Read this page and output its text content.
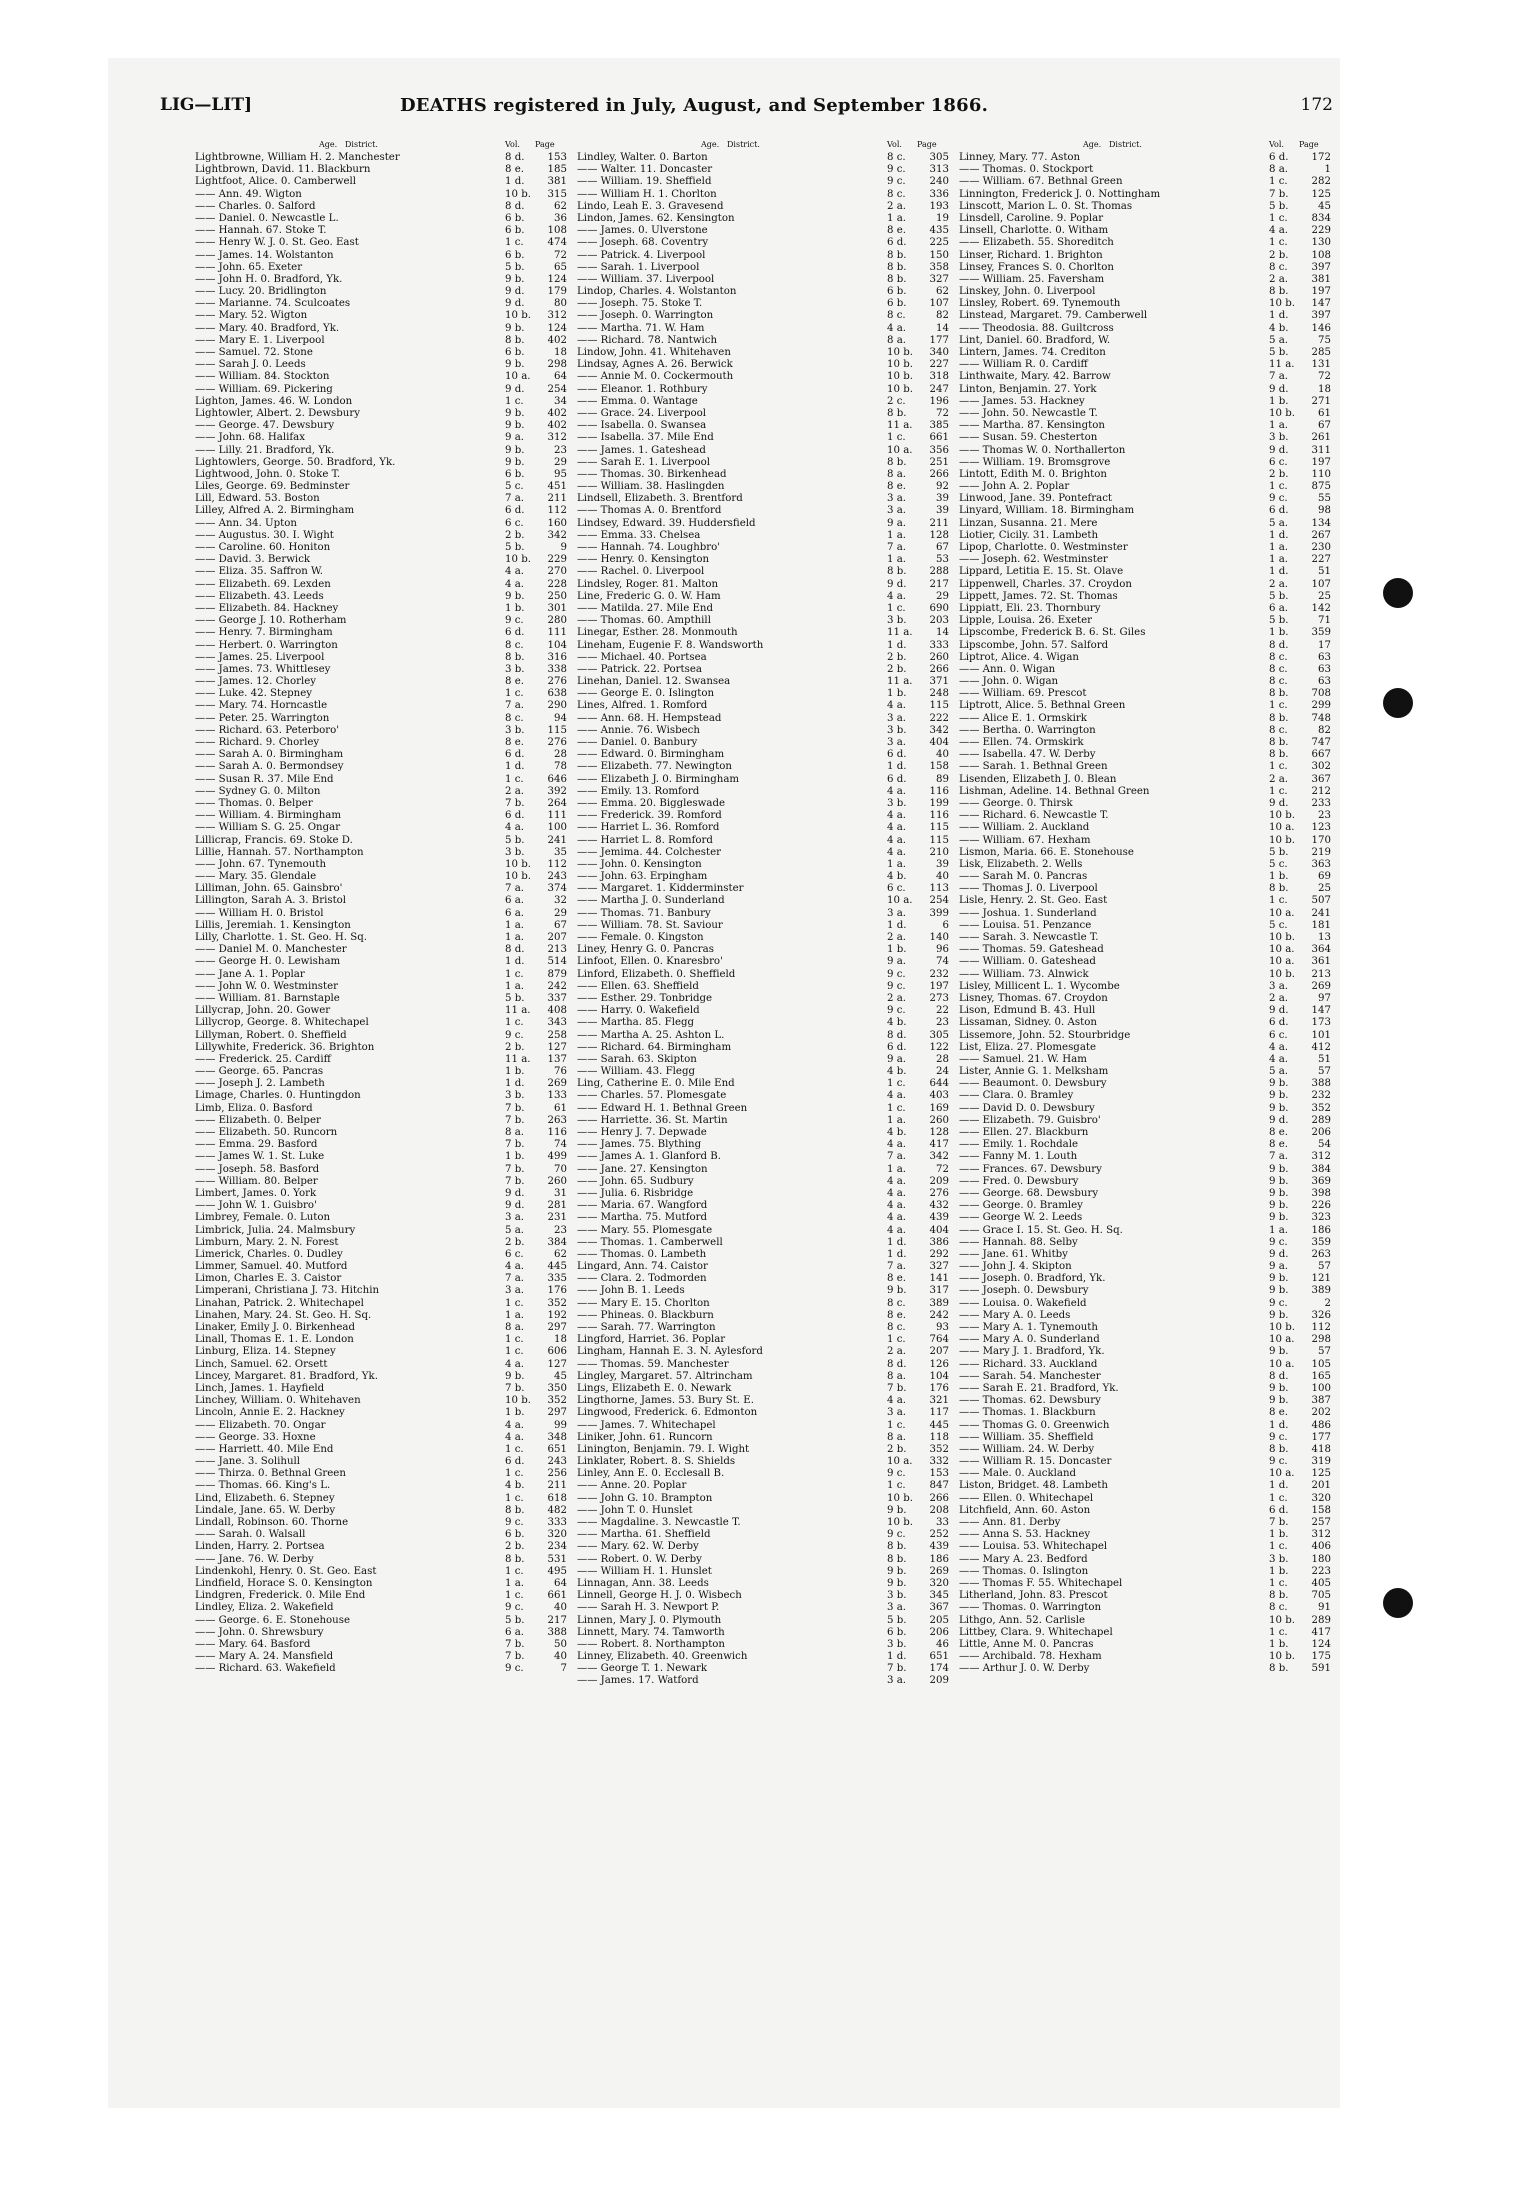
LIG—LIT]	DEATHS registered in July, August, and September 1866.	172
Age. District.	Vol. Page
Lightbrowne, William H. 2. Manchester	8 d.	153
Lightbrown, David. 11. Blackburn	8 e.	185
Lightfoot, Alice. 0. Camberwell	1 d.	381
—— Ann. 49. Wigton	10 b.	315
—— Charles. 0. Salford	8 d.	62
—— Daniel. 0. Newcastle L.	6 b.	36
—— Hannah. 67. Stoke T.	6 b.	108
—— Henry W. J. 0. St. Geo. East	1 c.	474
—— James. 14. Wolstanton	6 b.	72
—— John. 65. Exeter	5 b.	65
—— John H. 0. Bradford, Yk.	9 b.	124
—— Lucy. 20. Bridlington	9 d.	179
—— Marianne. 74. Sculcoates	9 d.	80
—— Mary. 52. Wigton	10 b.	312
—— Mary. 40. Bradford, Yk.	9 b.	124
—— Mary E. 1. Liverpool	8 b.	402
—— Samuel. 72. Stone	6 b.	18
—— Sarah J. 0. Leeds	9 b.	298
—— William. 84. Stockton	10 a.	64
—— William. 69. Pickering	9 d.	254
Lighton, James. 46. W. London	1 c.	34
Lightowler, Albert. 2. Dewsbury	9 b.	402
—— George. 47. Dewsbury	9 b.	402
—— John. 68. Halifax	9 a.	312
—— Lilly. 21. Bradford, Yk.	9 b.	23
Lightowlers, George. 50. Bradford, Yk.	9 b.	29
Lightwood, John. 0. Stoke T.	6 b.	95
Liles, George. 69. Bedminster	5 c.	451
Lill, Edward. 53. Boston	7 a.	211
Lilley, Alfred A. 2. Birmingham	6 d.	112
—— Ann. 34. Upton	6 c.	160
—— Augustus. 30. I. Wight	2 b.	342
—— Caroline. 60. Honiton	5 b.	9
—— David. 3. Berwick	10 b.	229
—— Eliza. 35. Saffron W.	4 a.	270
—— Elizabeth. 69. Lexden	4 a.	228
—— Elizabeth. 43. Leeds	9 b.	250
—— Elizabeth. 84. Hackney	1 b.	301
—— George J. 10. Rotherham	9 c.	280
—— Henry. 7. Birmingham	6 d.	111
—— Herbert. 0. Warrington	8 c.	104
—— James. 25. Liverpool	8 b.	316
—— James. 73. Whittlesey	3 b.	338
—— James. 12. Chorley	8 e.	276
—— Luke. 42. Stepney	1 c.	638
—— Mary. 74. Horncastle	7 a.	290
—— Peter. 25. Warrington	8 c.	94
—— Richard. 63. Peterboro'	3 b.	115
—— Richard. 9. Chorley	8 e.	276
—— Sarah A. 0. Birmingham	6 d.	28
—— Sarah A. 0. Bermondsey	1 d.	78
—— Susan R. 37. Mile End	1 c.	646
—— Sydney G. 0. Milton	2 a.	392
—— Thomas. 0. Belper	7 b.	264
—— William. 4. Birmingham	6 d.	111
—— William S. G. 25. Ongar	4 a.	100
Lillicrap, Francis. 69. Stoke D.	5 b.	241
Lillie, Hannah. 57. Northampton	3 b.	35
—— John. 67. Tynemouth	10 b.	112
—— Mary. 35. Glendale	10 b.	243
Lilliman, John. 65. Gainsbro'	7 a.	374
Lillington, Sarah A. 3. Bristol	6 a.	32
—— William H. 0. Bristol	6 a.	29
Lillis, Jeremiah. 1. Kensington	1 a.	67
Lilly, Charlotte. 1. St. Geo. H. Sq.	1 a.	207
—— Daniel M. 0. Manchester	8 d.	213
—— George H. 0. Lewisham	1 d.	514
—— Jane A. 1. Poplar	1 c.	879
—— John W. 0. Westminster	1 a.	242
—— William. 81. Barnstaple	5 b.	337
Lillycrap, John. 20. Gower	11 a.	408
Lillycrop, George. 8. Whitechapel	1 c.	343
Lillyman, Robert. 0. Sheffield	9 c.	258
Lillywhite, Frederick. 36. Brighton	2 b.	127
—— Frederick. 25. Cardiff	11 a.	137
—— George. 65. Pancras	1 b.	76
—— Joseph J. 2. Lambeth	1 d.	269
Limage, Charles. 0. Huntingdon	3 b.	133
Limb, Eliza. 0. Basford	7 b.	61
—— Elizabeth. 0. Belper	7 b.	263
—— Elizabeth. 50. Runcorn	8 a.	116
—— Emma. 29. Basford	7 b.	74
—— James W. 1. St. Luke	1 b.	499
—— Joseph. 58. Basford	7 b.	70
—— William. 80. Belper	7 b.	260
Limbert, James. 0. York	9 d.	31
—— John W. 1. Guisbro'	9 d.	281
Limbrey, Female. 0. Luton	3 a.	231
Limbrick, Julia. 24. Malmsbury	5 a.	23
Limburn, Mary. 2. N. Forest	2 b.	384
Limerick, Charles. 0. Dudley	6 c.	62
Limmer, Samuel. 40. Mutford	4 a.	445
Limon, Charles E. 3. Caistor	7 a.	335
Limperani, Christiana J. 73. Hitchin	3 a.	176
Linahan, Patrick. 2. Whitechapel	1 c.	352
Linahen, Mary. 24. St. Geo. H. Sq.	1 a.	192
Linaker, Emily J. 0. Birkenhead	8 a.	297
Linall, Thomas E. 1. E. London	1 c.	18
Linburg, Eliza. 14. Stepney	1 c.	606
Linch, Samuel. 62. Orsett	4 a.	127
Lincey, Margaret. 81. Bradford, Yk.	9 b.	45
Linch, James. 1. Hayfield	7 b.	350
Linchey, William. 0. Whitehaven	10 b.	352
Lincoln, Annie E. 2. Hackney	1 b.	297
—— Elizabeth. 70. Ongar	4 a.	99
—— George. 33. Hoxne	4 a.	348
—— Harriett. 40. Mile End	1 c.	651
—— Jane. 3. Solihull	6 d.	243
—— Thirza. 0. Bethnal Green	1 c.	256
—— Thomas. 66. King's L.	4 b.	211
Lind, Elizabeth. 6. Stepney	1 c.	618
Lindale, Jane. 65. W. Derby	8 b.	482
Lindall, Robinson. 60. Thorne	9 c.	333
—— Sarah. 0. Walsall	6 b.	320
Linden, Harry. 2. Portsea	2 b.	234
—— Jane. 76. W. Derby	8 b.	531
Lindenkohl, Henry. 0. St. Geo. East	1 c.	495
Lindfield, Horace S. 0. Kensington	1 a.	64
Lindgren, Frederick. 0. Mile End	1 c.	661
Lindley, Eliza. 2. Wakefield	9 c.	40
—— George. 6. E. Stonehouse	5 b.	217
—— John. 0. Shrewsbury	6 a.	388
—— Mary. 64. Basford	7 b.	50
—— Mary A. 24. Mansfield	7 b.	40
—— Richard. 63. Wakefield	9 c.	7
Age. District.	Vol. Page
Lindley, Walter. 0. Barton	8 c.	305
—— Walter. 11. Doncaster	9 c.	313
—— William. 19. Sheffield	9 c.	240
—— William H. 1. Chorlton	8 c.	336
Lindo, Leah E. 3. Gravesend	2 a.	193
Lindon, James. 62. Kensington	1 a.	19
—— James. 0. Ulverstone	8 e.	435
—— Joseph. 68. Coventry	6 d.	225
—— Patrick. 4. Liverpool	8 b.	150
—— Sarah. 1. Liverpool	8 b.	358
—— William. 37. Liverpool	8 b.	327
Lindop, Charles. 4. Wolstanton	6 b.	62
—— Joseph. 75. Stoke T.	6 b.	107
—— Joseph. 0. Warrington	8 c.	82
—— Martha. 71. W. Ham	4 a.	14
—— Richard. 78. Nantwich	8 a.	177
Lindow, John. 41. Whitehaven	10 b.	340
Lindsay, Agnes A. 26. Berwick	10 b.	227
—— Annie M. 0. Cockermouth	10 b.	318
—— Eleanor. 1. Rothbury	10 b.	247
—— Emma. 0. Wantage	2 c.	196
—— Grace. 24. Liverpool	8 b.	72
—— Isabella. 0. Swansea	11 a.	385
—— Isabella. 37. Mile End	1 c.	661
—— James. 1. Gateshead	10 a.	356
—— Sarah E. 1. Liverpool	8 b.	251
—— Thomas. 30. Birkenhead	8 a.	266
—— William. 38. Haslingden	8 e.	92
Lindsell, Elizabeth. 3. Brentford	3 a.	39
—— Thomas A. 0. Brentford	3 a.	39
Lindsey, Edward. 39. Huddersfield	9 a.	211
—— Emma. 33. Chelsea	1 a.	128
—— Hannah. 74. Loughbro'	7 a.	67
—— Henry. 0. Kensington	1 a.	53
—— Rachel. 0. Liverpool	8 b.	288
Lindsley, Roger. 81. Malton	9 d.	217
Line, Frederic G. 0. W. Ham	4 a.	29
—— Matilda. 27. Mile End	1 c.	690
—— Thomas. 60. Ampthill	3 b.	203
Linegar, Esther. 28. Monmouth	11 a.	14
Lineham, Eugenie F. 8. Wandsworth	1 d.	333
—— Michael. 40. Portsea	2 b.	260
—— Patrick. 22. Portsea	2 b.	266
Linehan, Daniel. 12. Swansea	11 a.	371
—— George E. 0. Islington	1 b.	248
Lines, Alfred. 1. Romford	4 a.	115
—— Ann. 68. H. Hempstead	3 a.	222
—— Annie. 76. Wisbech	3 b.	342
—— Daniel. 0. Banbury	3 a.	404
—— Edward. 0. Birmingham	6 d.	40
—— Elizabeth. 77. Newington	1 d.	158
—— Elizabeth J. 0. Birmingham	6 d.	89
—— Emily. 13. Romford	4 a.	116
—— Emma. 20. Biggleswade	3 b.	199
—— Frederick. 39. Romford	4 a.	116
—— Harriet L. 36. Romford	4 a.	115
—— Harriet L. 8. Romford	4 a.	115
—— Jemima. 44. Colchester	4 a.	210
—— John. 0. Kensington	1 a.	39
—— John. 63. Erpingham	4 b.	40
—— Margaret. 1. Kidderminster	6 c.	113
—— Martha J. 0. Sunderland	10 a.	254
—— Thomas. 71. Banbury	3 a.	399
—— William. 78. St. Saviour	1 d.	6
—— Female. 0. Kingston	2 a.	140
Liney, Henry G. 0. Pancras	1 b.	96
Linfoot, Ellen. 0. Knaresbro'	9 a.	74
Linford, Elizabeth. 0. Sheffield	9 c.	232
—— Ellen. 63. Sheffield	9 c.	197
—— Esther. 29. Tonbridge	2 a.	273
—— Harry. 0. Wakefield	9 c.	22
—— Martha. 85. Flegg	4 b.	23
—— Martha A. 25. Ashton L.	8 d.	305
—— Richard. 64. Birmingham	6 d.	122
—— Sarah. 63. Skipton	9 a.	28
—— William. 43. Flegg	4 b.	24
Ling, Catherine E. 0. Mile End	1 c.	644
—— Charles. 57. Plomesgate	4 a.	403
—— Edward H. 1. Bethnal Green	1 c.	169
—— Harriette. 36. St. Martin	1 a.	260
—— Henry J. 7. Depwade	4 b.	128
—— James. 75. Blything	4 a.	417
—— James A. 1. Glanford B.	7 a.	342
—— Jane. 27. Kensington	1 a.	72
—— John. 65. Sudbury	4 a.	209
—— Julia. 6. Risbridge	4 a.	276
—— Maria. 67. Wangford	4 a.	432
—— Martha. 75. Mutford	4 a.	439
—— Mary. 55. Plomesgate	4 a.	404
—— Thomas. 1. Camberwell	1 d.	386
—— Thomas. 0. Lambeth	1 d.	292
Lingard, Ann. 74. Caistor	7 a.	327
—— Clara. 2. Todmorden	8 e.	141
—— John B. 1. Leeds	9 b.	317
—— Mary E. 15. Chorlton	8 c.	389
—— Phineas. 0. Blackburn	8 e.	242
—— Sarah. 77. Warrington	8 c.	93
Lingford, Harriet. 36. Poplar	1 c.	764
Lingham, Hannah E. 3. N. Aylesford	2 a.	207
—— Thomas. 59. Manchester	8 d.	126
Lingley, Margaret. 57. Altrincham	8 a.	104
Lings, Elizabeth E. 0. Newark	7 b.	176
Lingthorne, James. 53. Bury St. E.	4 a.	321
Lingwood, Frederick. 6. Edmonton	3 a.	117
—— James. 7. Whitechapel	1 c.	445
Liniker, John. 61. Runcorn	8 a.	118
Linington, Benjamin. 79. I. Wight	2 b.	352
Linklater, Robert. 8. S. Shields	10 a.	332
Linley, Ann E. 0. Ecclesall B.	9 c.	153
—— Anne. 20. Poplar	1 c.	847
—— John G. 10. Brampton	10 b.	266
—— John T. 0. Hunslet	9 b.	208
—— Magdaline. 3. Newcastle T.	10 b.	33
—— Martha. 61. Sheffield	9 c.	252
—— Mary. 62. W. Derby	8 b.	439
—— Robert. 0. W. Derby	8 b.	186
—— William H. 1. Hunslet	9 b.	269
Linnagan, Ann. 38. Leeds	9 b.	320
Linnell, George H. J. 0. Wisbech	3 b.	345
—— Sarah H. 3. Newport P.	3 a.	367
Linnen, Mary J. 0. Plymouth	5 b.	205
Linnett, Mary. 74. Tamworth	6 b.	206
—— Robert. 8. Northampton	3 b.	46
Linney, Elizabeth. 40. Greenwich	1 d.	651
—— George T. 1. Newark	7 b.	174
—— James. 17. Watford	3 a.	209
Age. District.	Vol. Page
Linney, Mary. 77. Aston	6 d.	172
—— Thomas. 0. Stockport	8 a.	1
—— William. 67. Bethnal Green	1 c.	282
Linnington, Frederick J. 0. Nottingham	7 b.	125
Linscott, Marion L. 0. St. Thomas	5 b.	45
Linsdell, Caroline. 9. Poplar	1 c.	834
Linsell, Charlotte. 0. Witham	4 a.	229
—— Elizabeth. 55. Shoreditch	1 c.	130
Linser, Richard. 1. Brighton	2 b.	108
Linsey, Frances S. 0. Chorlton	8 c.	397
—— William. 25. Faversham	2 a.	381
Linskey, John. 0. Liverpool	8 b.	197
Linsley, Robert. 69. Tynemouth	10 b.	147
Linstead, Margaret. 79. Camberwell	1 d.	397
—— Theodosia. 88. Guiltcross	4 b.	146
Lint, Daniel. 60. Bradford, W.	5 a.	75
Lintern, James. 74. Crediton	5 b.	285
—— William R. 0. Cardiff	11 a.	131
Linthwaite, Mary. 42. Barrow	7 a.	72
Linton, Benjamin. 27. York	9 d.	18
—— James. 53. Hackney	1 b.	271
—— John. 50. Newcastle T.	10 b.	61
—— Martha. 87. Kensington	1 a.	67
—— Susan. 59. Chesterton	3 b.	261
—— Thomas W. 0. Northallerton	9 d.	311
—— William. 19. Bromsgrove	6 c.	197
Lintott, Edith M. 0. Brighton	2 b.	110
—— John A. 2. Poplar	1 c.	875
Linwood, Jane. 39. Pontefract	9 c.	55
Linyard, William. 18. Birmingham	6 d.	98
Linzan, Susanna. 21. Mere	5 a.	134
Liotier, Cicily. 31. Lambeth	1 d.	267
Lipop, Charlotte. 0. Westminster	1 a.	230
—— Joseph. 62. Westminster	1 a.	227
Lippard, Letitia E. 15. St. Olave	1 d.	51
Lippenwell, Charles. 37. Croydon	2 a.	107
Lippett, James. 72. St. Thomas	5 b.	25
Lippiatt, Eli. 23. Thornbury	6 a.	142
Lipple, Louisa. 26. Exeter	5 b.	71
Lipscombe, Frederick B. 6. St. Giles	1 b.	359
Lipscombe, John. 57. Salford	8 d.	17
Liptrot, Alice. 4. Wigan	8 c.	63
—— Ann. 0. Wigan	8 c.	63
—— John. 0. Wigan	8 c.	63
—— William. 69. Prescot	8 b.	708
Liptrott, Alice. 5. Bethnal Green	1 c.	299
—— Alice E. 1. Ormskirk	8 b.	748
—— Bertha. 0. Warrington	8 c.	82
—— Ellen. 74. Ormskirk	8 b.	747
—— Isabella. 47. W. Derby	8 b.	667
—— Sarah. 1. Bethnal Green	1 c.	302
Lisenden, Elizabeth J. 0. Blean	2 a.	367
Lishman, Adeline. 14. Bethnal Green	1 c.	212
—— George. 0. Thirsk	9 d.	233
—— Richard. 6. Newcastle T.	10 b.	23
—— William. 2. Auckland	10 a.	123
—— William. 67. Hexham	10 b.	170
Lismon, Maria. 66. E. Stonehouse	5 b.	219
Lisk, Elizabeth. 2. Wells	5 c.	363
—— Sarah M. 0. Pancras	1 b.	69
—— Thomas J. 0. Liverpool	8 b.	25
Lisle, Henry. 2. St. Geo. East	1 c.	507
—— Joshua. 1. Sunderland	10 a.	241
—— Louisa. 51. Penzance	5 c.	181
—— Sarah. 3. Newcastle T.	10 b.	13
—— Thomas. 59. Gateshead	10 a.	364
—— William. 0. Gateshead	10 a.	361
—— William. 73. Alnwick	10 b.	213
Lisley, Millicent L. 1. Wycombe	3 a.	269
Lisney, Thomas. 67. Croydon	2 a.	97
Lison, Edmund B. 43. Hull	9 d.	147
Lissaman, Sidney. 0. Aston	6 d.	173
Lissemore, John. 52. Stourbridge	6 c.	101
List, Eliza. 27. Plomesgate	4 a.	412
—— Samuel. 21. W. Ham	4 a.	51
Lister, Annie G. 1. Melksham	5 a.	57
—— Beaumont. 0. Dewsbury	9 b.	388
—— Clara. 0. Bramley	9 b.	232
—— David D. 0. Dewsbury	9 b.	352
—— Elizabeth. 79. Guisbro'	9 d.	289
—— Ellen. 27. Blackburn	8 e.	206
—— Emily. 1. Rochdale	8 e.	54
—— Fanny M. 1. Louth	7 a.	312
—— Frances. 67. Dewsbury	9 b.	384
—— Fred. 0. Dewsbury	9 b.	369
—— George. 68. Dewsbury	9 b.	398
—— George. 0. Bramley	9 b.	226
—— George W. 2. Leeds	9 b.	323
—— Grace I. 15. St. Geo. H. Sq.	1 a.	186
—— Hannah. 88. Selby	9 c.	359
—— Jane. 61. Whitby	9 d.	263
—— John J. 4. Skipton	9 a.	57
—— Joseph. 0. Bradford, Yk.	9 b.	121
—— Joseph. 0. Dewsbury	9 b.	389
—— Louisa. 0. Wakefield	9 c.	2
—— Mary A. 0. Leeds	9 b.	326
—— Mary A. 1. Tynemouth	10 b.	112
—— Mary A. 0. Sunderland	10 a.	298
—— Mary J. 1. Bradford, Yk.	9 b.	57
—— Richard. 33. Auckland	10 a.	105
—— Sarah. 54. Manchester	8 d.	165
—— Sarah E. 21. Bradford, Yk.	9 b.	100
—— Thomas. 62. Dewsbury	9 b.	387
—— Thomas. 1. Blackburn	8 e.	202
—— Thomas G. 0. Greenwich	1 d.	486
—— William. 35. Sheffield	9 c.	177
—— William. 24. W. Derby	8 b.	418
—— William R. 15. Doncaster	9 c.	319
—— Male. 0. Auckland	10 a.	125
Liston, Bridget. 48. Lambeth	1 d.	201
—— Ellen. 0. Whitechapel	1 c.	320
Litchfield, Ann. 60. Aston	6 d.	158
—— Ann. 81. Derby	7 b.	257
—— Anna S. 53. Hackney	1 b.	312
—— Louisa. 53. Whitechapel	1 c.	406
—— Mary A. 23. Bedford	3 b.	180
—— Thomas. 0. Islington	1 b.	223
—— Thomas F. 55. Whitechapel	1 c.	405
Litherland, John. 83. Prescot	8 b.	705
—— Thomas. 0. Warrington	8 c.	91
Lithgo, Ann. 52. Carlisle	10 b.	289
Littbey, Clara. 9. Whitechapel	1 c.	417
Little, Anne M. 0. Pancras	1 b.	124
—— Archibald. 78. Hexham	10 b.	175
—— Arthur J. 0. W. Derby	8 b.	591
